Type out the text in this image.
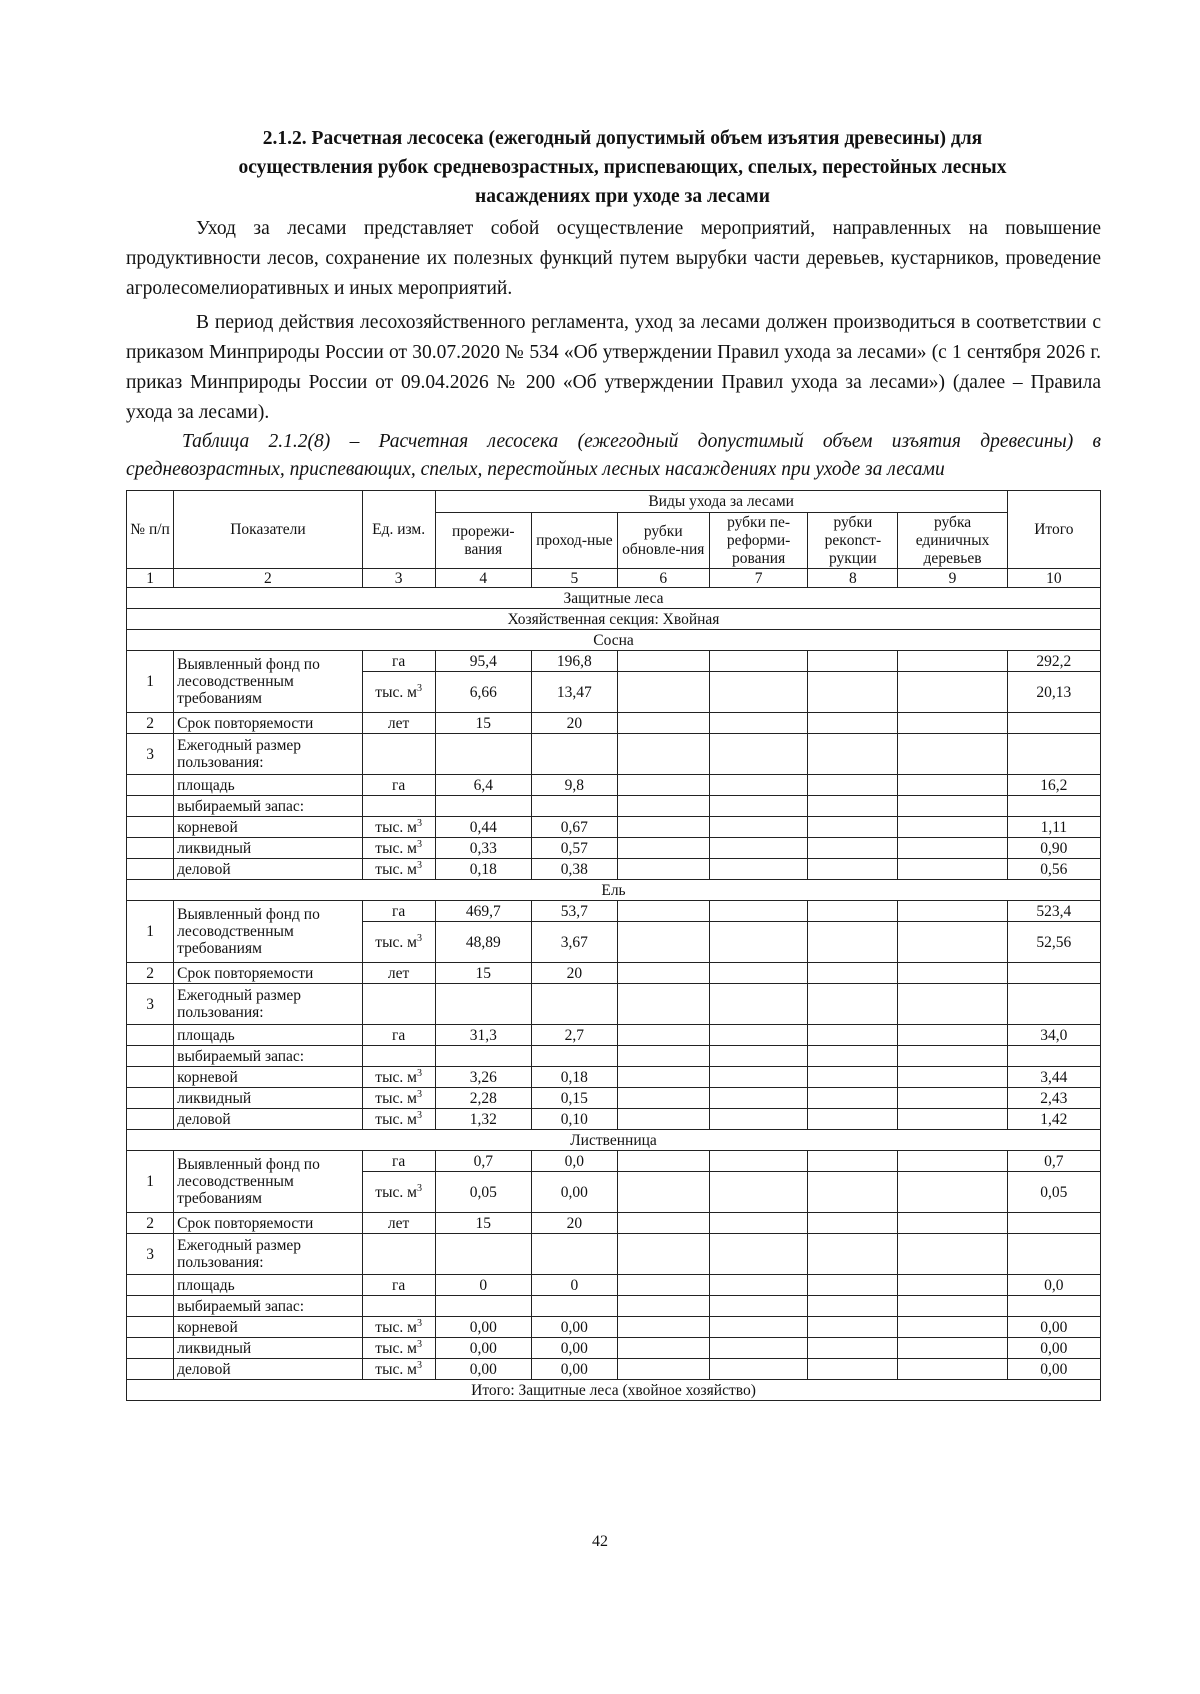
2.1.2. Расчетная лесосека (ежегодный допустимый объем изъятия древесины) для
осуществления рубок средневозрастных, приспевающих, спелых, перестойных лесных
насаждениях при уходе за лесами
Уход за лесами представляет собой осуществление мероприятий, направленных на повышение продуктивности лесов, сохранение их полезных функций путем вырубки части деревьев, кустарников, проведение агролесомелиоративных и иных мероприятий.
В период действия лесохозяйственного регламента, уход за лесами должен производиться в соответствии с приказом Минприроды России от 30.07.2020 № 534 «Об утверждении Правил ухода за лесами» (с 1 сентября 2026 г. приказ Минприроды России от 09.04.2026 № 200 «Об утверждении Правил ухода за лесами») (далее – Правила ухода за лесами).
Таблица 2.1.2(8) – Расчетная лесосека (ежегодный допустимый объем изъятия древесины) в средневозрастных, приспевающих, спелых, перестойных лесных насаждениях при уходе за лесами
№ п/п	Показатели	Ед. изм.	Виды ухода за лесами						Итого
			прорежи-вания	проход-ные	рубки обновле-ния	рубки пе-реформи-рования	рубки рекonст-рукции	рубка единичных деревьев	
1	2	3	4	5	6	7	8	9	10
Защитные леса									
Хозяйственная секция: Хвойная									
Сосна									
1	Выявленный фонд по лесоводственным требованиям	га	95,4	196,8					292,2
		тыс. $м^3$	6,66	13,47					20,13
2	Срок повторяемости	лет	15	20					
3	Ежегодный размер пользования:								
	площадь	га	6,4	9,8					16,2
	выбираемый запас:								
	корневой	тыс. $м^3$	0,44	0,67					1,11
	ликвидный	тыс. $м^3$	0,33	0,57					0,90
	деловой	тыс. $м^3$	0,18	0,38					0,56
Ель									
1	Выявленный фонд по лесоводственным требованиям	га	469,7	53,7					523,4
		тыс. $м^3$	48,89	3,67					52,56
2	Срок повторяемости	лет	15	20					
3	Ежегодный размер пользования:								
	площадь	га	31,3	2,7					34,0
	выбираемый запас:								
	корневой	тыс. $м^3$	3,26	0,18					3,44
	ликвидный	тыс. $м^3$	2,28	0,15					2,43
	деловой	тыс. $м^3$	1,32	0,10					1,42
Лиственница									
1	Выявленный фонд по лесоводственным требованиям	га	0,7	0,0					0,7
		тыс. $м^3$	0,05	0,00					0,05
2	Срок повторяемости	лет	15	20					
3	Ежегодный размер пользования:								
	площадь	га	0	0					0,0
	выбираемый запас:								
	корневой	тыс. $м^3$	0,00	0,00					0,00
	ликвидный	тыс. $м^3$	0,00	0,00					0,00
	деловой	тыс. $м^3$	0,00	0,00					0,00
Итого: Защитные леса (хвойное хозяйство)									
42
